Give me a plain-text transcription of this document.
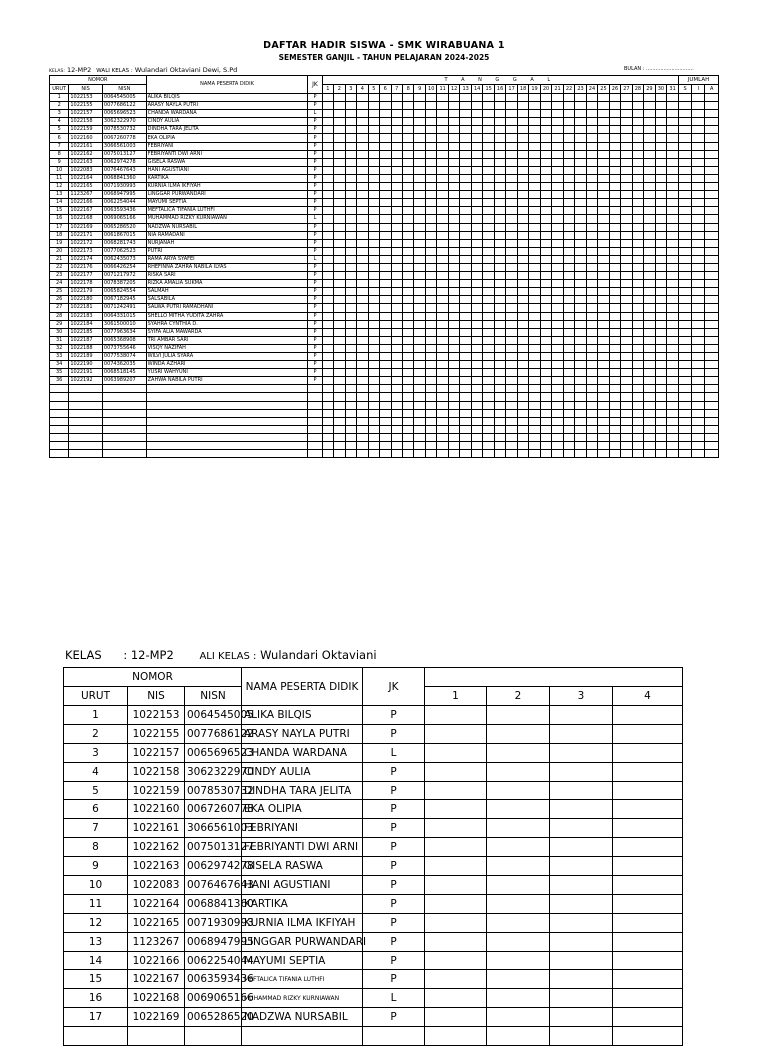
DAFTAR HADIR SISWA - SMK WIRABUANA 1
SEMESTER GANJIL - TAHUN PELAJARAN 2024-2025
KELAS: 12-MP2 WALI KELAS : Wulandari Oktaviani Dewi, S.Pd	BULAN : ..............................
NOMOR			NAMA PESERTA DIDIK	JK	T A N G G A L																															JUMLAH		
URUT	NIS	NISN			1	2	3	4	5	6	7	8	9	10	11	12	13	14	15	16	17	18	19	20	21	22	23	24	25	26	27	28	29	30	31	S	I	A
1	1022153	0064545005	ALIKA BILQIS	P																																		
2	1022155	0077686122	ARASY NAYLA PUTRI	P																																		
3	1022157	0065696523	CHANDA WARDANA	L																																		
4	1022158	3062322970	CINDY AULIA	P																																		
5	1022159	0078530732	DINDHA TARA JELITA	P																																		
6	1022160	0067260778	EKA OLIPIA	P																																		
7	1022161	3066561003	FEBRIYANI	P																																		
8	1022162	0075013127	FEBRIYANTI DWI ARNI	P																																		
9	1022163	0062974278	GISELA RASWA	P																																		
10	1022083	0076467643	HANI AGUSTIANI	P																																		
11	1022164	0068841360	KARTIKA	P																																		
12	1022165	0071930993	KURNIA ILMA IKFIYAH	P																																		
13	1123267	0068947995	LINGGAR PURWANDARI	P																																		
14	1022166	0062254044	MAYUMI SEPTIA	P																																		
15	1022167	0063593436	MEFTALICA TIFANIA LUTHFI	P																																		
16	1022168	0069065166	MUHAMMAD RIZKY KURNIAWAN	L																																		
17	1022169	0065286520	NADZWA NURSABIL	P																																		
18	1022171	0061867015	NIA RAMADANI	P																																		
19	1022172	0068281743	NURJANAH	P																																		
20	1022173	0077062523	PUTRI	P																																		
21	1022174	0062435073	RAMA ARYA SYAFEI	L																																		
22	1022176	0066426254	RHEFINNA ZAHRA NABILA ILYAS	P																																		
23	1022177	0071217972	RISKA SARI	P																																		
24	1022178	0078387205	RIZKA AMALIA SUKMA	P																																		
25	1022179	0065824554	SALMAH	P																																		
26	1022180	0067182945	SALSABILA	P																																		
27	1022181	0071242491	SALWA PUTRI RAMADHANI	P																																		
28	1022183	0064331015	SHELLO MITHA YUDITA ZAHRA	P																																		
29	1022184	3061500010	SYAHRA CYNTHIA D.	P																																		
30	1022185	0077963634	SYIFA ALIA MAWARDA	P																																		
31	1022187	0065368908	TRI AMBAR SARI	P																																		
32	1022188	0073755646	VISQY NAZIFAH	P																																		
33	1022189	0077538074	WILVI JULIA SYARA	P																																		
34	1022190	0074362035	WINDA AZHARI	P																																		
35	1022191	0068518145	YUSRI WAHYUNI	P																																		
36	1022192	0063989207	ZAHWA NABILA PUTRI	P																																		

KELAS : 12-MP2	ALI KELAS : Wulandari Oktaviani
NOMOR			NAMA PESERTA DIDIK	JK				
URUT	NIS	NISN			1	2	3	4
1	1022153	0064545005	ALIKA BILQIS	P				
2	1022155	0077686122	ARASY NAYLA PUTRI	P				
3	1022157	0065696523	CHANDA WARDANA	L				
4	1022158	3062322970	CINDY AULIA	P				
5	1022159	0078530732	DINDHA TARA JELITA	P				
6	1022160	0067260778	EKA OLIPIA	P				
7	1022161	3066561003	FEBRIYANI	P				
8	1022162	0075013127	FEBRIYANTI DWI ARNI	P				
9	1022163	0062974278	GISELA RASWA	P				
10	1022083	0076467643	HANI AGUSTIANI	P				
11	1022164	0068841360	KARTIKA	P				
12	1022165	0071930993	KURNIA ILMA IKFIYAH	P				
13	1123267	0068947995	LINGGAR PURWANDARI	P				
14	1022166	0062254044	MAYUMI SEPTIA	P				
15	1022167	0063593436	MEFTALICA TIFANIA LUTHFI	P				
16	1022168	0069065166	MUHAMMAD RIZKY KURNIAWAN	L				
17	1022169	0065286520	NADZWA NURSABIL	P				
